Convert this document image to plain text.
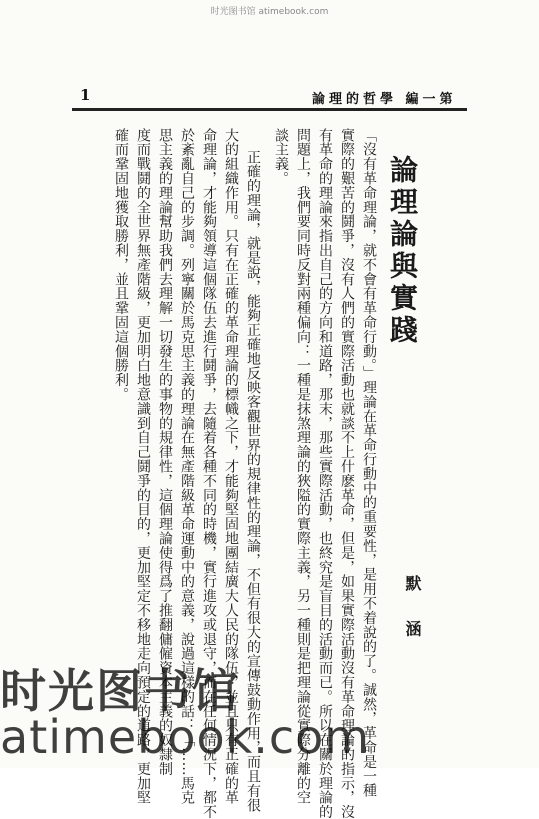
时光图书馆 atimebook.com
1	論理的哲學 編一第
論理論與實踐
「沒有革命理論，就不會有革命行動。」理論在革命行動中的重要性，是用不着說的了。誠然，革命是一種
實際的艱苦的鬪爭，沒有人們的實際活動也就談不上什麽革命，但是，如果實際活動沒有革命理論的指示，沒
有革命的理論來指出自己的方向和道路，那末，那些實際活動，也終究是盲目的活動而已。所以在關於理論的
問題上，我們要同時反對兩種偏向：一種是抹煞理論的狹隘的實際主義，另一種則是把理論從實際分離的空
談主義。
默 涵
正確的理論，就是說，能夠正確地反映客觀世界的規律性的理論，不但有很大的宣傳鼓動作用，而且有很
大的組織作用。只有在正確的革命理論的標幟之下，才能夠堅固地團結廣大人民的隊伍，並且只有正確的革
命理論，才能夠領導這個隊伍去進行鬪爭，去隨着各種不同的時機，實行進攻或退守，而在任何情況下，都不
於紊亂自己的步調。列寧關於馬克思主義的理論在無產階級革命運動中的意義，說過這樣的話：「……馬克
思主義的理論幫助我們去理解一切發生的事物的規律性，這個理論使得爲了推翻傭僱資本主義的奴隸制
度而戰鬪的全世界無產階級，更加明白地意識到自己鬪爭的目的，更加堅定不移地走向預定的道路，更加堅
確而鞏固地獲取勝利，並且鞏固這個勝利。
时光图书馆
atimebook.com
